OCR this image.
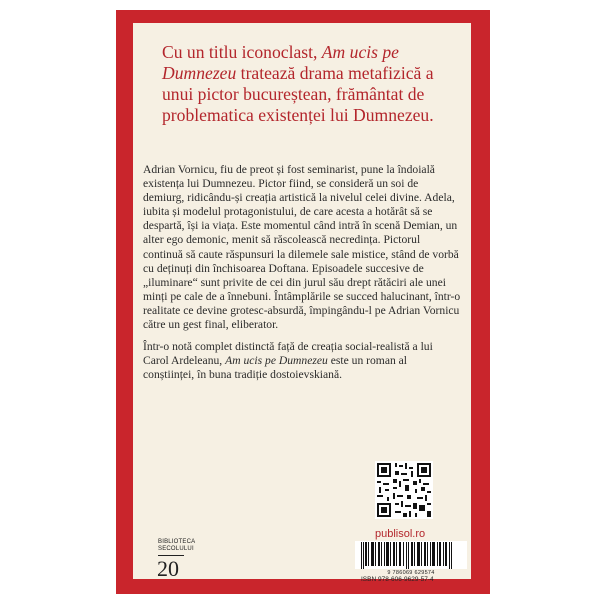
Cu un titlu iconoclast, Am ucis pe Dumnezeu tratează drama metafizică a unui pictor bucureștean, frământat de problematica existenței lui Dumnezeu.

Adrian Vornicu, fiu de preot și fost seminarist, pune la îndoială existența lui Dumnezeu. Pictor fiind, se consideră un soi de demiurg, ridicându-și creația artistică la nivelul celei divine. Adela, iubita și modelul protagonistului, de care acesta a hotărât să se despartă, își ia viața. Este momentul când intră în scenă Demian, un alter ego demonic, menit să răscolească necredința. Pictorul continuă să caute răspunsuri la dilemele sale mistice, stând de vorbă cu deținuți din închisoarea Doftana. Episoadele succesive de „iluminare“ sunt privite de cei din jurul său drept rătăciri ale unei minți pe cale de a înnebuni. Întâmplările se succed halucinant, într-o realitate ce devine grotesc-absurdă, împingându-l pe Adrian Vornicu către un gest final, eliberator.

Într-o notă complet distinctă față de creația social-realistă a lui Carol Ardeleanu, Am ucis pe Dumnezeu este un roman al conștiinței, în buna tradiție dostoievskiană.

publisol.ro
9 786069 629574
ISBN 978-606-9629-57-4
BIBLIOTECA
SECOLULUI
20
